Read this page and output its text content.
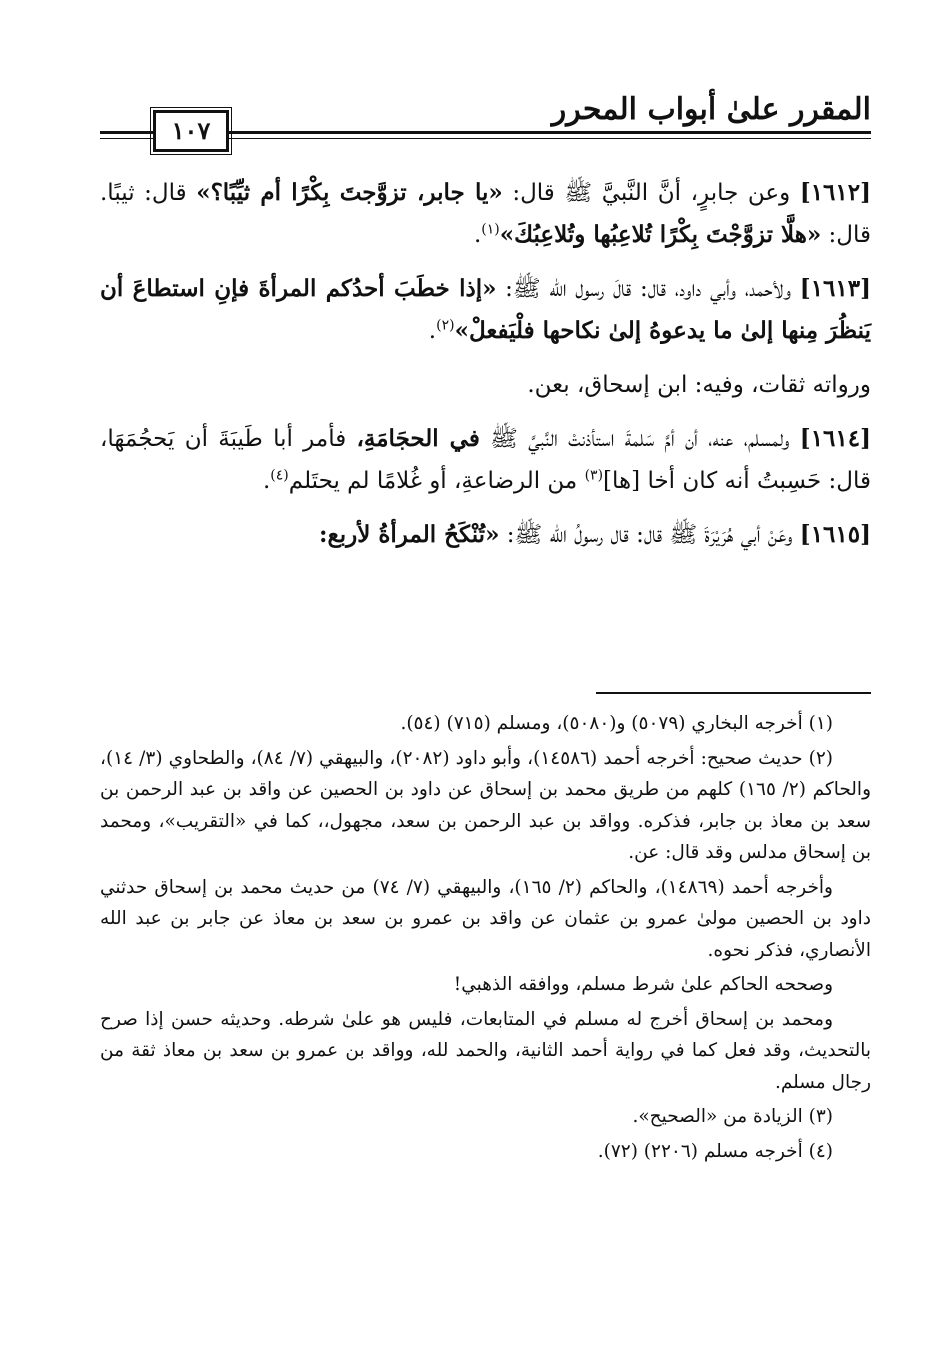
المقرر علىٰ أبواب المحرر
١٠٧

[١٦١٢] وعن جابرٍ، أنَّ النَّبيَّ ﷺ قال: «يا جابر، تزوَّجتَ بِكْرًا أم ثيِّبًا؟» قال: ثيبًا. قال: «هلَّا تزوَّجْتَ بِكْرًا تُلاعِبُها وتُلاعِبُكَ»$^{(١)}$.

[١٦١٣] ولأحمد، وأبي داود، قال: قالَ رسول الله ﷺ: «إذا خطَبَ أحدُكم المرأةَ فإنِ استطاعَ أن يَنظُرَ مِنها إلىٰ ما يدعوهُ إلىٰ نكاحها فلْيَفعلْ»$^{(٢)}$.

ورواته ثقات، وفيه: ابن إسحاق، بعن.

[١٦١٤] ولمسلم، عنه، أن أمَّ سَلمةَ استأذنتْ النَّبيَّ ﷺ في الحجَامَةِ، فأمر أبا طَيبَةَ أن يَحجُمَهَا، قال: حَسِبتُ أنه كان أخا [ها]$^{(٣)}$ من الرضاعةِ، أو غُلامًا لم يحتَلم$^{(٤)}$.

[١٦١٥] وعَنْ أبي هُرَيْرَةَ ﷺ قال: قال رسولُ الله ﷺ: «تُنْكَحُ المرأةُ لأربع:

(١) أخرجه البخاري (٥٠٧٩) و(٥٠٨٠)، ومسلم (٧١٥) (٥٤).

(٢) حديث صحيح: أخرجه أحمد (١٤٥٨٦)، وأبو داود (٢٠٨٢)، والبيهقي (٧/ ٨٤)، والطحاوي (٣/ ١٤)، والحاكم (٢/ ١٦٥) كلهم من طريق محمد بن إسحاق عن داود بن الحصين عن واقد بن عبد الرحمن بن سعد بن معاذ بن جابر، فذكره. وواقد بن عبد الرحمن بن سعد، مجهول،، كما في «التقريب»، ومحمد بن إسحاق مدلس وقد قال: عن.

وأخرجه أحمد (١٤٨٦٩)، والحاكم (٢/ ١٦٥)، والبيهقي (٧/ ٧٤) من حديث محمد بن إسحاق حدثني داود بن الحصين مولىٰ عمرو بن عثمان عن واقد بن عمرو بن سعد بن معاذ عن جابر بن عبد الله الأنصاري، فذكر نحوه.

وصححه الحاكم علىٰ شرط مسلم، ووافقه الذهبي!

ومحمد بن إسحاق أخرج له مسلم في المتابعات، فليس هو علىٰ شرطه. وحديثه حسن إذا صرح بالتحديث، وقد فعل كما في رواية أحمد الثانية، والحمد لله، وواقد بن عمرو بن سعد بن معاذ ثقة من رجال مسلم.

(٣) الزيادة من «الصحيح».

(٤) أخرجه مسلم (٢٢٠٦) (٧٢).
